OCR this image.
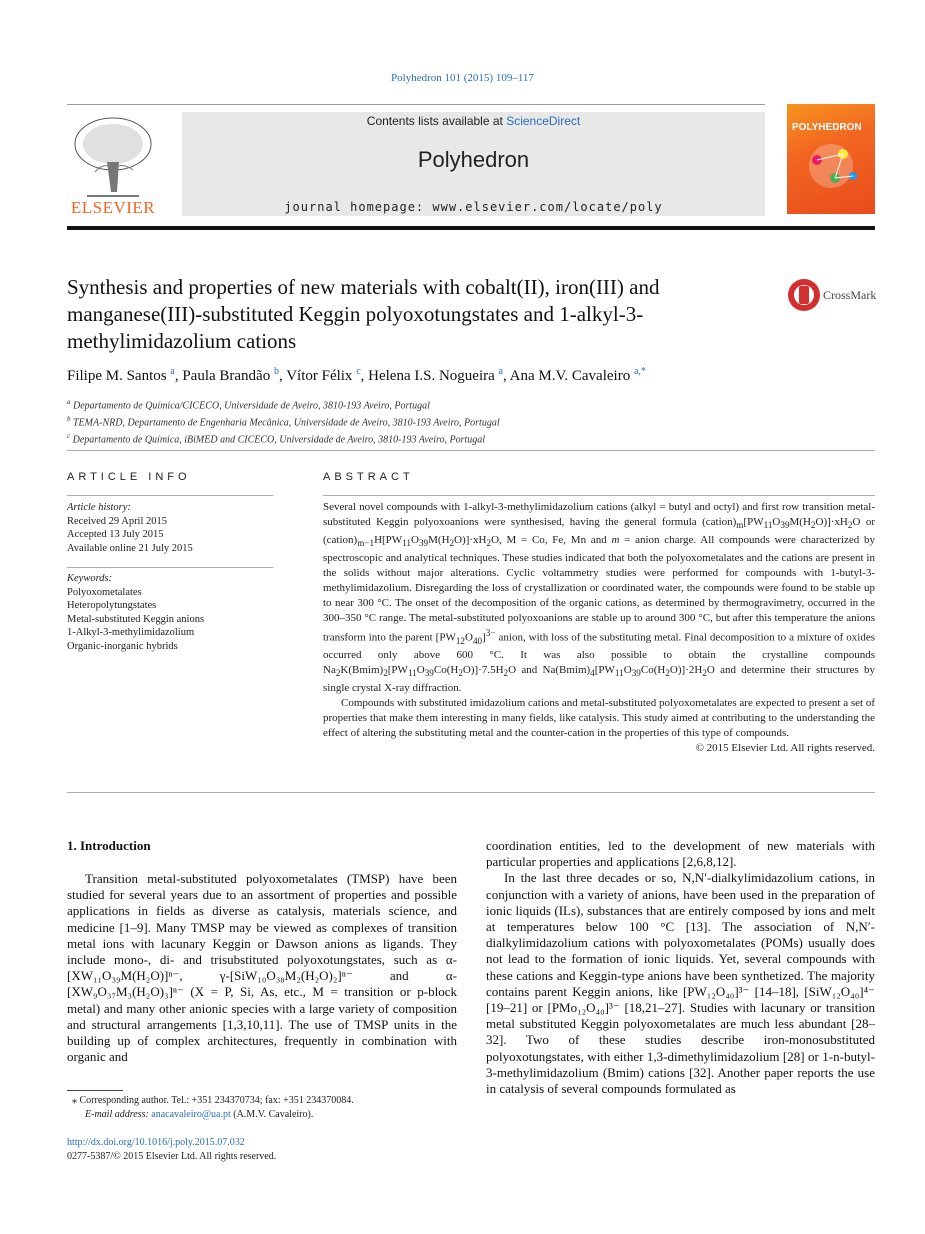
Polyhedron 101 (2015) 109–117
ELSEVIER
Contents lists available at ScienceDirect
Polyhedron
journal homepage: www.elsevier.com/locate/poly
POLYHEDRON
Synthesis and properties of new materials with cobalt(II), iron(III) and manganese(III)-substituted Keggin polyoxotungstates and 1-alkyl-3-methylimidazolium cations
CrossMark
Filipe M. Santos $^a$, Paula Brandão $^b$, Vítor Félix $^c$, Helena I.S. Nogueira $^a$, Ana M.V. Cavaleiro $^{a,*}$
$^a$ Departamento de Química/CICECO, Universidade de Aveiro, 3810-193 Aveiro, Portugal
$^b$ TEMA-NRD, Departamento de Engenharia Mecânica, Universidade de Aveiro, 3810-193 Aveiro, Portugal
$^c$ Departamento de Química, iBiMED and CICECO, Universidade de Aveiro, 3810-193 Aveiro, Portugal
ARTICLE INFO
Article history:
Received 29 April 2015
Accepted 13 July 2015
Available online 21 July 2015
Keywords:
Polyoxometalates
Heteropolytungstates
Metal-substituted Keggin anions
1-Alkyl-3-methylimidazolium
Organic-inorganic hybrids
ABSTRACT

Several novel compounds with 1-alkyl-3-methylimidazolium cations (alkyl = butyl and octyl) and first row transition metal-substituted Keggin polyoxoanions were synthesised, having the general formula $(cation)_m[PW_{11}O_{39}M(H_2O)]\cdot xH_2O$ or $(cation)_{m-1}H[PW_{11}O_{39}M(H_2O)]\cdot xH_2O$, M = Co, Fe, Mn and m = anion charge. All compounds were characterized by spectroscopic and analytical techniques. These studies indicated that both the polyoxometalates and the cations are present in the solids without major alterations. Cyclic voltammetry studies were performed for compounds with 1-butyl-3-methylimidazolium. Disregarding the loss of crystallization or coordinated water, the compounds were found to be stable up to near 300 °C. The onset of the decomposition of the organic cations, as determined by thermogravimetry, occurred in the 300–350 °C range. The metal-substituted polyoxoanions are stable up to around 300 °C, but after this temperature the anions transform into the parent $[PW_{12}O_{40}]^{3-}$ anion, with loss of the substituting metal. Final decomposition to a mixture of oxides occurred only above 600 °C. It was also possible to obtain the crystalline compounds $Na_2K(Bmim)_2[PW_{11}O_{39}Co(H_2O)]\cdot 7.5H_2O$ and $Na(Bmim)_4[PW_{11}O_{39}Co(H_2O)]\cdot 2H_2O$ and determine their structures by single crystal X-ray diffraction.

Compounds with substituted imidazolium cations and metal-substituted polyoxometalates are expected to present a set of properties that make them interesting in many fields, like catalysis. This study aimed at contributing to the understanding the effect of altering the substituting metal and the counter-cation in the properties of this type of compounds.

© 2015 Elsevier Ltd. All rights reserved.

1. Introduction
Transition metal-substituted polyoxometalates (TMSP) have been studied for several years due to an assortment of properties and possible applications in fields as diverse as catalysis, materials science, and medicine [1–9]. Many TMSP may be viewed as complexes of transition metal ions with lacunary Keggin or Dawson anions as ligands. They include mono-, di- and trisubstituted polyoxotungstates, such as α-[XW₁₁O₃₉M(H₂O)]ⁿ⁻, γ-[SiW₁₀O₃₈M₂(H₂O)₂]ⁿ⁻ and α-[XW₉O₃₇M₃(H₂O)₃]ⁿ⁻ (X = P, Si, As, etc., M = transition or p-block metal) and many other anionic species with a large variety of composition and structural arrangements [1,3,10,11]. The use of TMSP units in the building up of complex architectures, frequently in combination with organic and

coordination entities, led to the development of new materials with particular properties and applications [2,6,8,12].

In the last three decades or so, N,N′-dialkylimidazolium cations, in conjunction with a variety of anions, have been used in the preparation of ionic liquids (ILs), substances that are entirely composed by ions and melt at temperatures below 100 °C [13]. The association of N,N′-dialkylimidazolium cations with polyoxometalates (POMs) usually does not lead to the formation of ionic liquids. Yet, several compounds with these cations and Keggin-type anions have been synthetized. The majority contains parent Keggin anions, like [PW₁₂O₄₀]³⁻ [14–18], [SiW₁₂O₄₀]⁴⁻ [19–21] or [PMo₁₂O₄₀]³⁻ [18,21–27]. Studies with lacunary or transition metal substituted Keggin polyoxometalates are much less abundant [28–32]. Two of these studies describe iron-monosubstituted polyoxotungstates, with either 1,3-dimethylimidazolium [28] or 1-n-butyl-3-methylimidazolium (Bmim) cations [32]. Another paper reports the use in catalysis of several compounds formulated as

⁎ Corresponding author. Tel.: +351 234370734; fax: +351 234370084.
E-mail address: anacavaleiro@ua.pt (A.M.V. Cavaleiro).
http://dx.doi.org/10.1016/j.poly.2015.07.032
0277-5387/© 2015 Elsevier Ltd. All rights reserved.
